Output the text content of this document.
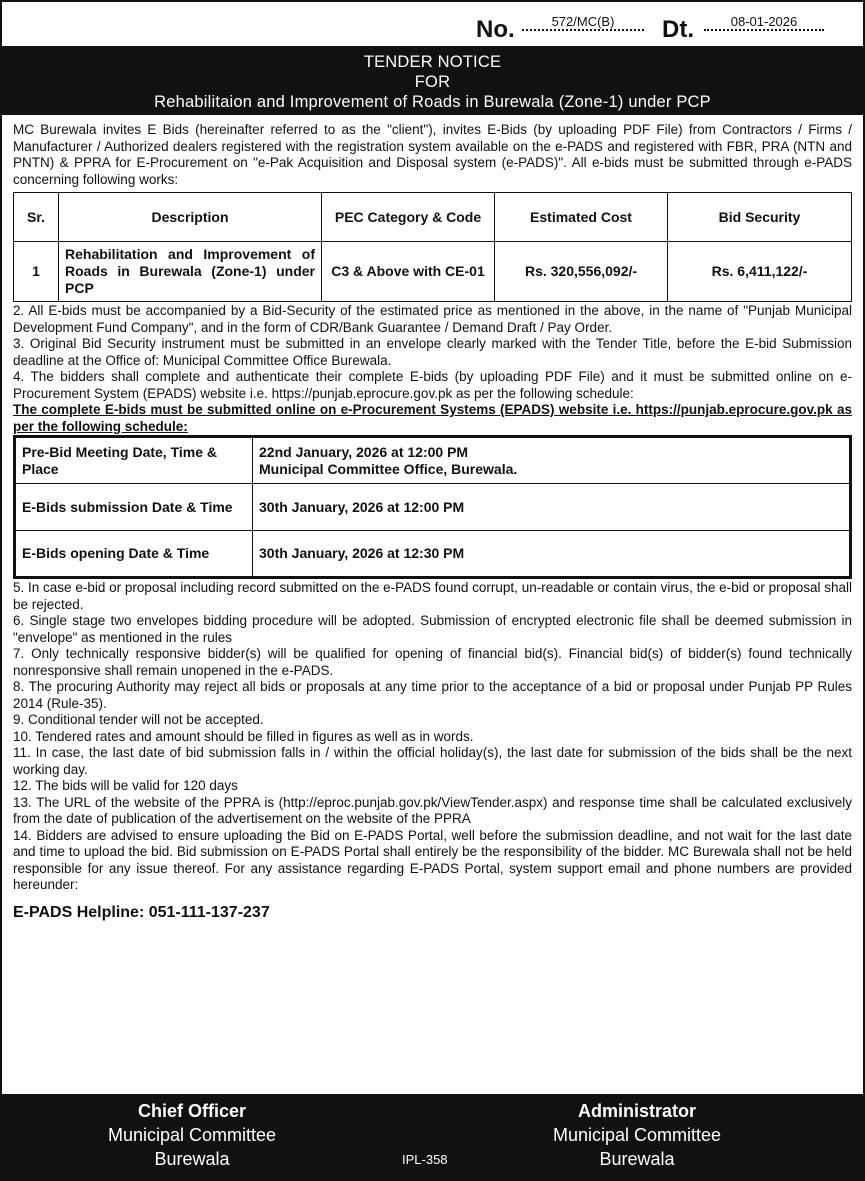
No.	572/MC(B)	Dt.	08-01-2026
TENDER NOTICE
FOR
Rehabilitaion and Improvement of Roads in Burewala (Zone-1) under PCP

MC Burewala invites E Bids (hereinafter referred to as the "client"), invites E-Bids (by uploading PDF File) from Contractors / Firms / Manufacturer / Authorized dealers registered with the registration system available on the e-PADS and registered with FBR, PRA (NTN and PNTN) & PPRA for E-Procurement on "e-Pak Acquisition and Disposal system (e-PADS)". All e-bids must be submitted through e-PADS concerning following works:

Sr.	Description	PEC Category & Code	Estimated Cost	Bid Security
1	Rehabilitation and Improvement of Roads in Burewala (Zone-1) under PCP	C3 & Above with CE-01	Rs. 320,556,092/-	Rs. 6,411,122/-

2. All E-bids must be accompanied by a Bid-Security of the estimated price as mentioned in the above, in the name of "Punjab Municipal Development Fund Company", and in the form of CDR/Bank Guarantee / Demand Draft / Pay Order.

3. Original Bid Security instrument must be submitted in an envelope clearly marked with the Tender Title, before the E-bid Submission deadline at the Office of: Municipal Committee Office Burewala.

4. The bidders shall complete and authenticate their complete E-bids (by uploading PDF File) and it must be submitted online on e-Procurement System (EPADS) website i.e. https://punjab.eprocure.gov.pk as per the following schedule:

The complete E-bids must be submitted online on e-Procurement Systems (EPADS) website i.e. https://punjab.eprocure.gov.pk as per the following schedule:

Pre-Bid Meeting Date, Time & Place	22nd January, 2026 at 12:00 PM
Municipal Committee Office, Burewala.

E-Bids submission Date & Time	30th January, 2026 at 12:00 PM
E-Bids opening Date & Time	30th January, 2026 at 12:30 PM

5. In case e-bid or proposal including record submitted on the e-PADS found corrupt, un-readable or contain virus, the e-bid or proposal shall be rejected.

6. Single stage two envelopes bidding procedure will be adopted. Submission of encrypted electronic file shall be deemed submission in "envelope" as mentioned in the rules

7. Only technically responsive bidder(s) will be qualified for opening of financial bid(s). Financial bid(s) of bidder(s) found technically nonresponsive shall remain unopened in the e-PADS.

8. The procuring Authority may reject all bids or proposals at any time prior to the acceptance of a bid or proposal under Punjab PP Rules 2014 (Rule-35).

9. Conditional tender will not be accepted.

10. Tendered rates and amount should be filled in figures as well as in words.

11. In case, the last date of bid submission falls in / within the official holiday(s), the last date for submission of the bids shall be the next working day.

12. The bids will be valid for 120 days

13. The URL of the website of the PPRA is (http://eproc.punjab.gov.pk/ViewTender.aspx) and response time shall be calculated exclusively from the date of publication of the advertisement on the website of the PPRA

14. Bidders are advised to ensure uploading the Bid on E-PADS Portal, well before the submission deadline, and not wait for the last date and time to upload the bid. Bid submission on E-PADS Portal shall entirely be the responsibility of the bidder. MC Burewala shall not be held responsible for any issue thereof. For any assistance regarding E-PADS Portal, system support email and phone numbers are provided hereunder:

E-PADS Helpline: 051-111-137-237
Chief Officer
Municipal Committee
Burewala	IPL-358
Administrator
Municipal Committee
Burewala
